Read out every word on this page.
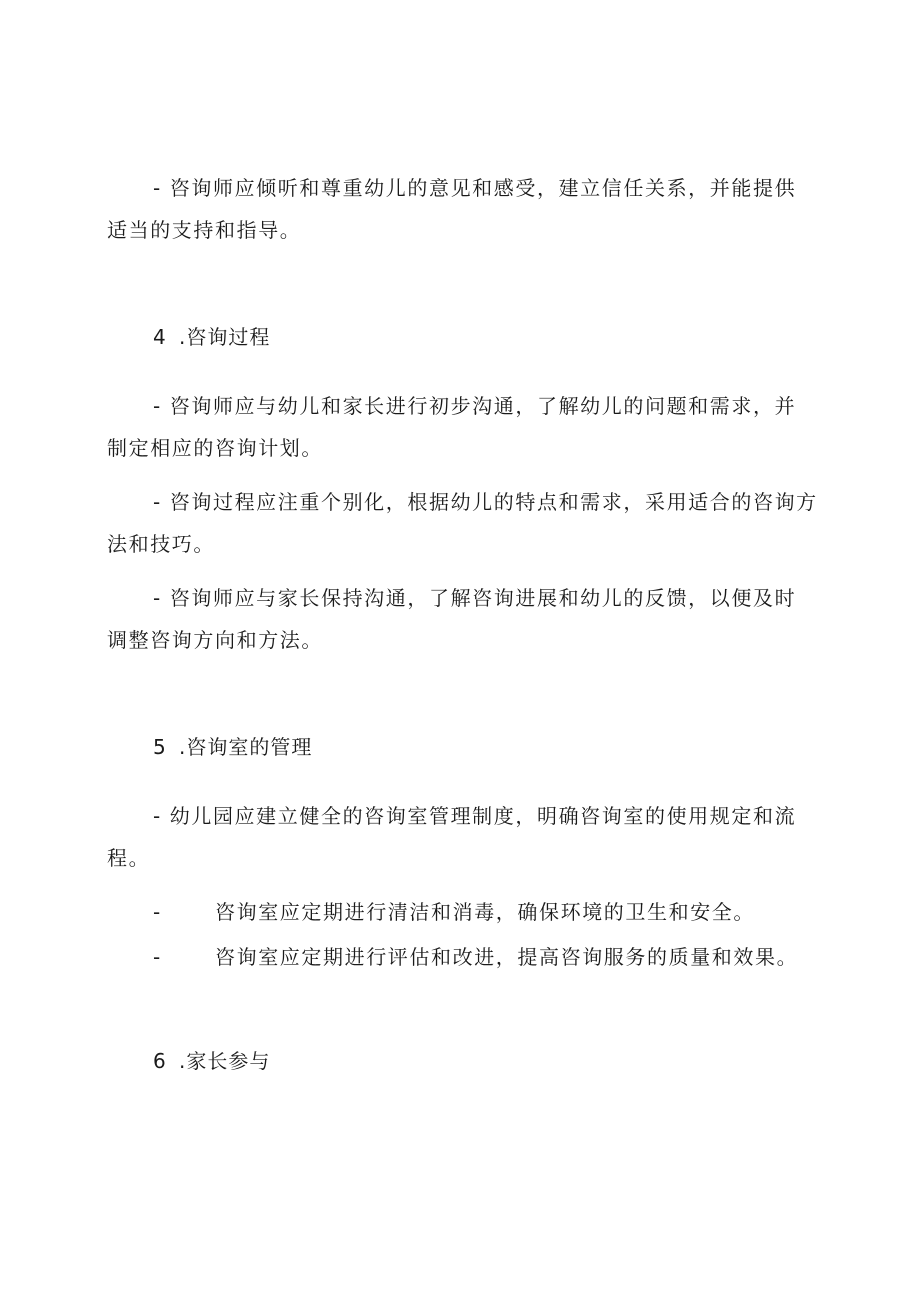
- 咨询师应倾听和尊重幼儿的意见和感受，建立信任关系，并能提供
适当的支持和指导。
4 .咨询过程
- 咨询师应与幼儿和家长进行初步沟通，了解幼儿的问题和需求，并
制定相应的咨询计划。
- 咨询过程应注重个别化，根据幼儿的特点和需求，采用适合的咨询方
法和技巧。
- 咨询师应与家长保持沟通，了解咨询进展和幼儿的反馈，以便及时
调整咨询方向和方法。
5 .咨询室的管理
- 幼儿园应建立健全的咨询室管理制度，明确咨询室的使用规定和流
程。
-	咨询室应定期进行清洁和消毒，确保环境的卫生和安全。
-	咨询室应定期进行评估和改进，提高咨询服务的质量和效果。
6 .家长参与
